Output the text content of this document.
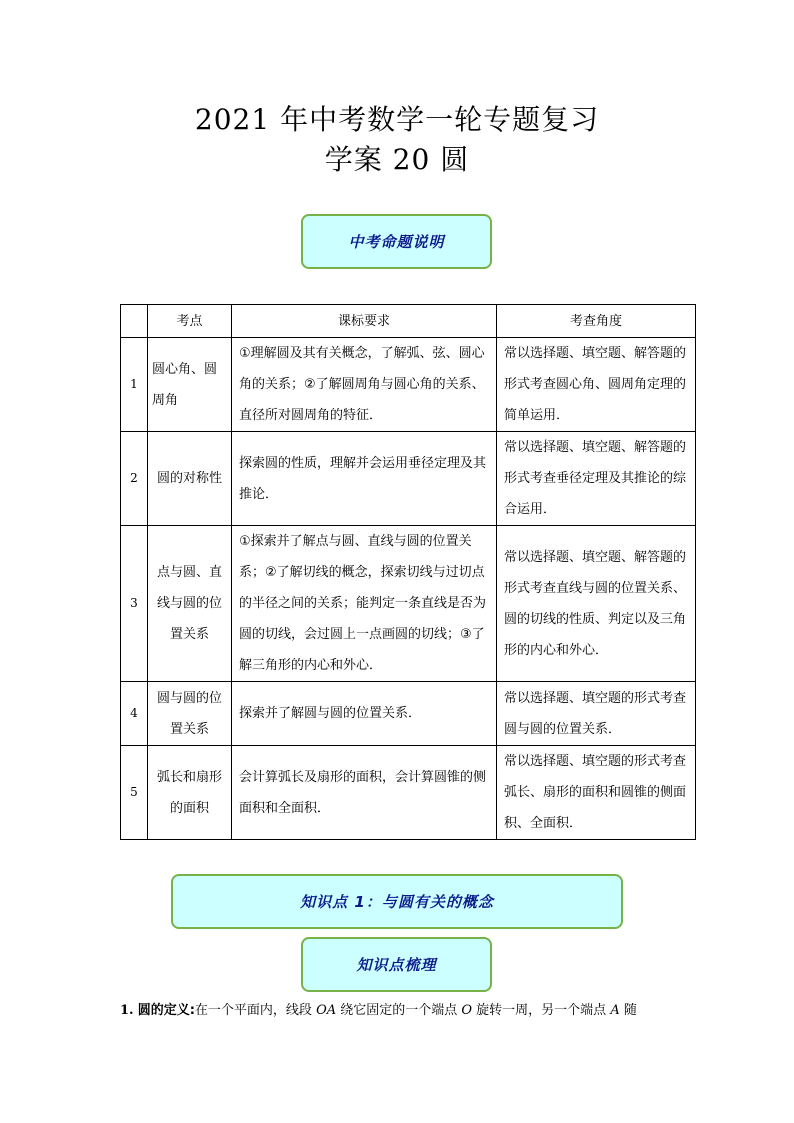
2021 年中考数学一轮专题复习
学案 20 圆
中考命题说明
	考点	课标要求	考查角度
1	圆心角、圆周角	①理解圆及其有关概念，了解弧、弦、圆心角的关系；②了解圆周角与圆心角的关系、直径所对圆周角的特征．	常以选择题、填空题、解答题的形式考查圆心角、圆周角定理的简单运用．
2	圆的对称性	探索圆的性质，理解并会运用垂径定理及其推论．	常以选择题、填空题、解答题的形式考查垂径定理及其推论的综合运用．
3	点与圆、直线与圆的位置关系	①探索并了解点与圆、直线与圆的位置关系；②了解切线的概念，探索切线与过切点的半径之间的关系；能判定一条直线是否为圆的切线，会过圆上一点画圆的切线；③了解三角形的内心和外心．	常以选择题、填空题、解答题的形式考查直线与圆的位置关系、圆的切线的性质、判定以及三角形的内心和外心．
4	圆与圆的位置关系	探索并了解圆与圆的位置关系．	常以选择题、填空题的形式考查圆与圆的位置关系．
5	弧长和扇形的面积	会计算弧长及扇形的面积，会计算圆锥的侧面积和全面积．	常以选择题、填空题的形式考查弧长、扇形的面积和圆锥的侧面积、全面积．
知识点 1：与圆有关的概念
知识点梳理
1. 圆的定义:在一个平面内，线段 OA 绕它固定的一个端点 O 旋转一周，另一个端点 A 随
